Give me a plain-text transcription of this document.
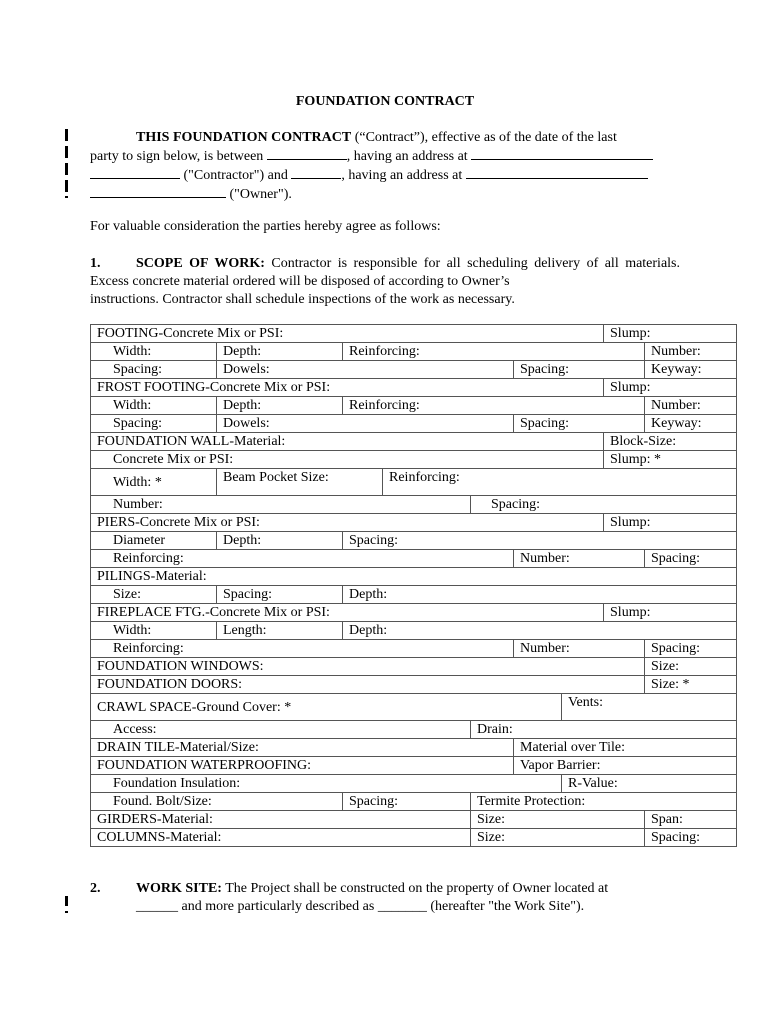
FOUNDATION CONTRACT
THIS FOUNDATION CONTRACT (“Contract”), effective as of the date of the last
party to sign below, is between	, having an address at
("Contractor") and	, having an address at
("Owner").
For valuable consideration the parties hereby agree as follows:
1.	SCOPE OF WORK: Contractor is responsible for all scheduling delivery of all materials. Excess concrete material ordered will be disposed of according to Owner’s
instructions. Contractor shall schedule inspections of the work as necessary.
FOOTING-Concrete Mix or PSI:							Slump:	
Width:	Depth:	Reinforcing:						Number:
Spacing:	Dowels:				Spacing:			Keyway:
FROST FOOTING-Concrete Mix or PSI:							Slump:	
Width:	Depth:	Reinforcing:						Number:
Spacing:	Dowels:				Spacing:			Keyway:
FOUNDATION WALL-Material:							Block-Size:	
Concrete Mix or PSI:							Slump: *	
Width: *	Beam Pocket Size:		Reinforcing:					
Number:				Spacing:				
PIERS-Concrete Mix or PSI:							Slump:	
Diameter	Depth:	Spacing:						
Reinforcing:					Number:			Spacing:
PILINGS-Material:								
Size:	Spacing:	Depth:						
FIREPLACE FTG.-Concrete Mix or PSI:							Slump:	
Width:	Length:	Depth:						
Reinforcing:					Number:			Spacing:
FOUNDATION WINDOWS:								Size:
FOUNDATION DOORS:								Size: *
CRAWL SPACE-Ground Cover: *						Vents:		
Access:				Drain:				
DRAIN TILE-Material/Size:					Material over Tile:			
FOUNDATION WATERPROOFING:					Vapor Barrier:			
Foundation Insulation:						R-Value:		
Found. Bolt/Size:		Spacing:		Termite Protection:				
GIRDERS-Material:				Size:				Span:
COLUMNS-Material:				Size:				Spacing:
2.	WORK SITE: The Project shall be constructed on the property of Owner located at
______ and more particularly described as _______ (hereafter "the Work Site").
